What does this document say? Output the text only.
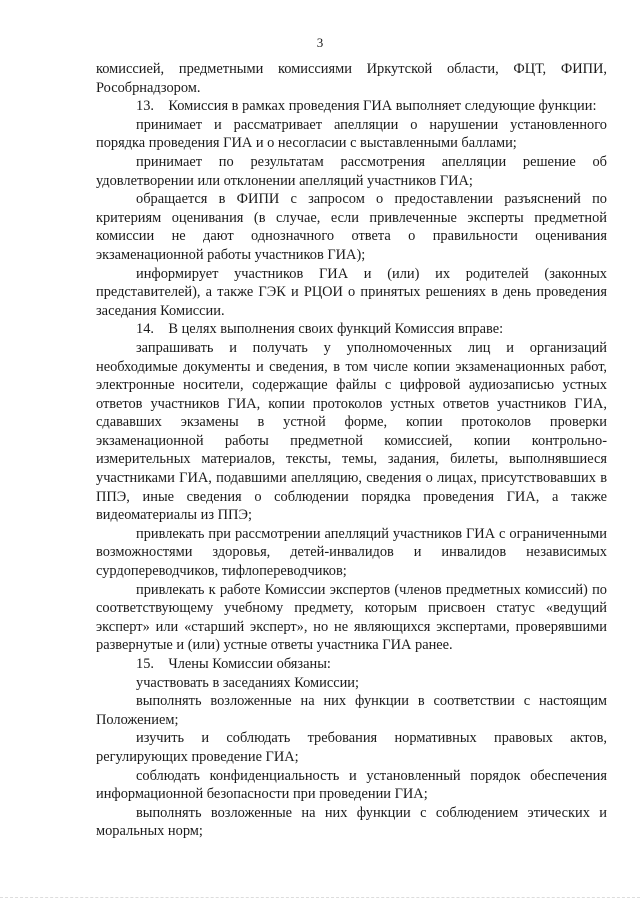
3

комиссией, предметными комиссиями Иркутской области, ФЦТ, ФИПИ, Рособрнадзором.

13.    Комиссия в рамках проведения ГИА выполняет следующие функции:

принимает и рассматривает апелляции о нарушении установленного порядка проведения ГИА и о несогласии с выставленными баллами;

принимает по результатам рассмотрения апелляции решение об удовлетворении или отклонении апелляций участников ГИА;

обращается в ФИПИ с запросом о предоставлении разъяснений по критериям оценивания (в случае, если привлеченные эксперты предметной комиссии не дают однозначного ответа о правильности оценивания экзаменационной работы участников ГИА);

информирует участников ГИА и (или) их родителей (законных представителей), а также ГЭК и РЦОИ о принятых решениях в день проведения заседания Комиссии.

14.    В целях выполнения своих функций Комиссия вправе:

запрашивать и получать у уполномоченных лиц и организаций необходимые документы и сведения, в том числе копии экзаменационных работ, электронные носители, содержащие файлы с цифровой аудиозаписью устных ответов участников ГИА, копии протоколов устных ответов участников ГИА, сдававших экзамены в устной форме, копии протоколов проверки экзаменационной работы предметной комиссией, копии контрольно-измерительных материалов, тексты, темы, задания, билеты, выполнявшиеся участниками ГИА, подавшими апелляцию, сведения о лицах, присутствовавших в ППЭ, иные сведения о соблюдении порядка проведения ГИА, а также видеоматериалы из ППЭ;

привлекать при рассмотрении апелляций участников ГИА с ограниченными возможностями здоровья, детей-инвалидов и инвалидов независимых сурдопереводчиков, тифлопереводчиков;

привлекать к работе Комиссии экспертов (членов предметных комиссий) по соответствующему учебному предмету, которым присвоен статус «ведущий эксперт» или «старший эксперт», но не являющихся экспертами, проверявшими развернутые и (или) устные ответы участника ГИА ранее.

15.    Члены Комиссии обязаны:

участвовать в заседаниях Комиссии;

выполнять возложенные на них функции в соответствии с настоящим Положением;

изучить и соблюдать требования нормативных правовых актов, регулирующих проведение ГИА;

соблюдать конфиденциальность и установленный порядок обеспечения информационной безопасности при проведении ГИА;

выполнять возложенные на них функции с соблюдением этических и моральных норм;
